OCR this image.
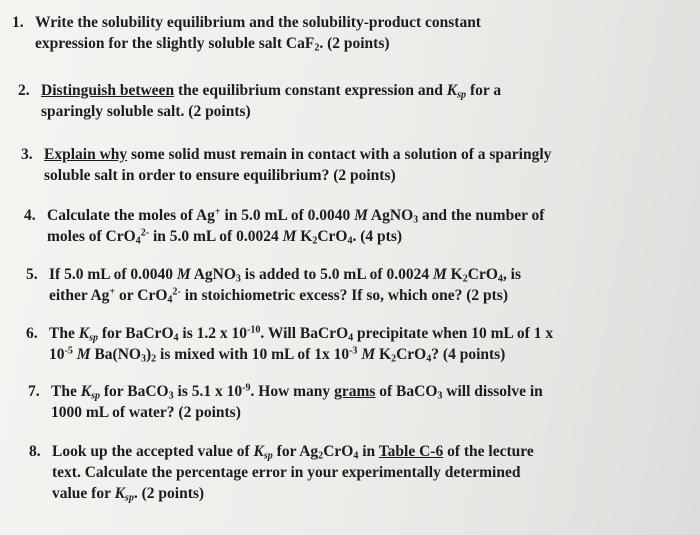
1. Write the solubility equilibrium and the solubility-product constant
expression for the slightly soluble salt CaF$_2$. (2 points)
2. Distinguish between the equilibrium constant expression and $K_{sp}$ for a
sparingly soluble salt. (2 points)
3. Explain why some solid must remain in contact with a solution of a sparingly
soluble salt in order to ensure equilibrium? (2 points)
4. Calculate the moles of Ag+ in 5.0 mL of 0.0040 M AgNO$_3$ and the number of
moles of CrO$_4^{2-}$ in 5.0 mL of 0.0024 M $K_2CrO_4$. (4 pts)
5. If 5.0 mL of 0.0040 M AgNO$_3$ is added to 5.0 mL of 0.0024 M $K_2CrO_4$, is
either Ag+ or CrO$_4^{2-}$ in stoichiometric excess? If so, which one? (2 pts)
6. The $K_{sp}$ for BaCrO$_4$ is 1.2 x $10^{-10}$. Will BaCrO$_4$ precipitate when 10 mL of 1 x
$10^{-5}$ M $Ba(NO_3)_2$ is mixed with 10 mL of 1x $10^{-3}$ M $K_2CrO_4$? (4 points)
7. The $K_{sp}$ for BaCO$_3$ is 5.1 x $10^{-9}$. How many grams of BaCO$_3$ will dissolve in
1000 mL of water? (2 points)
8. Look up the accepted value of $K_{sp}$ for $Ag_2CrO_4$ in Table C-6 of the lecture
text. Calculate the percentage error in your experimentally determined
value for $K_{sp}$. (2 points)
